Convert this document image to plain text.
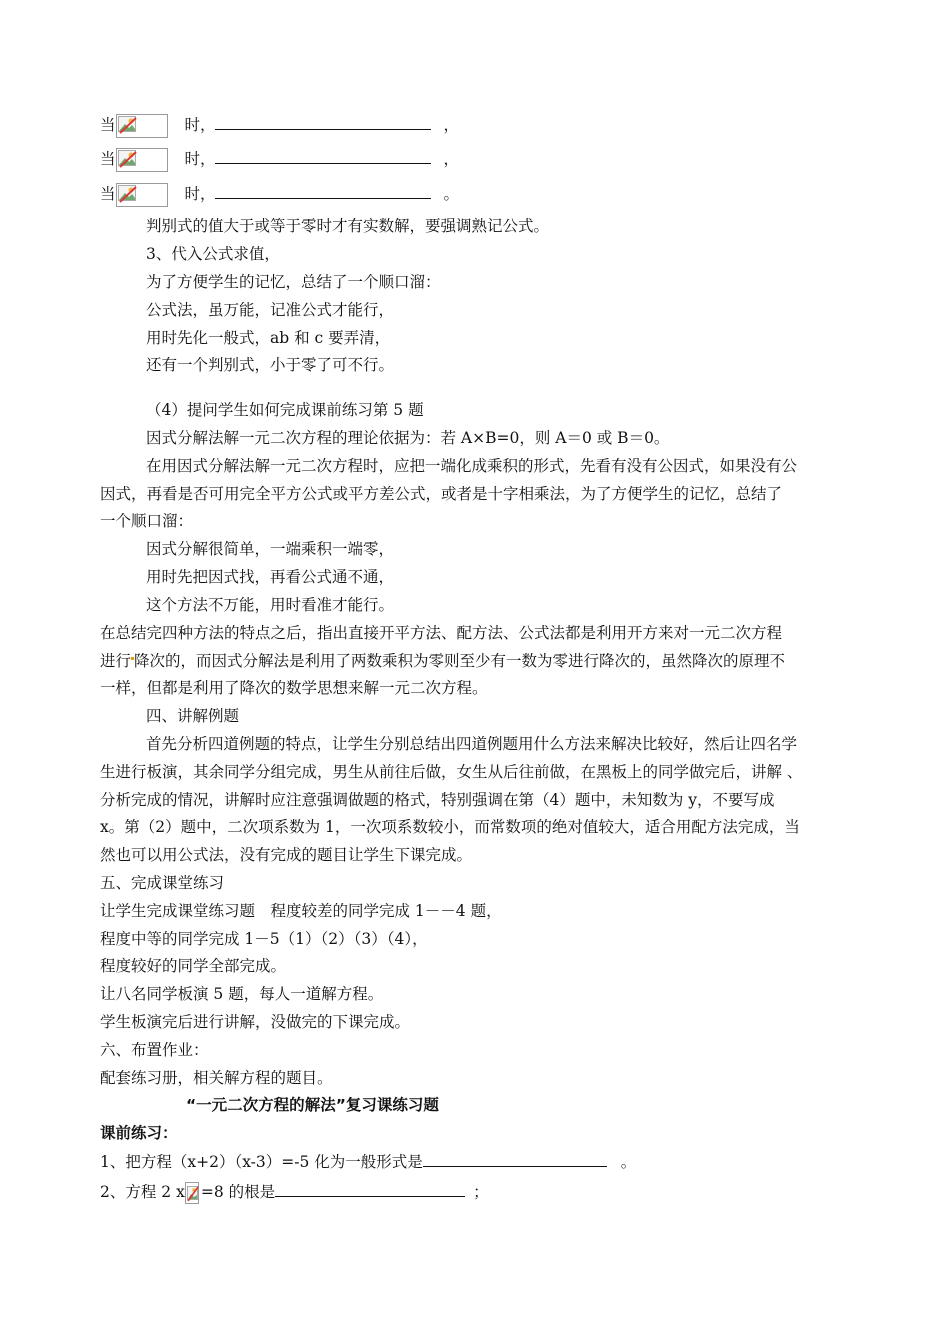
当	时，	，
当	时，	，
当	时，	。
判别式的值大于或等于零时才有实数解，要强调熟记公式。
3、代入公式求值，
为了方便学生的记忆，总结了一个顺口溜：
公式法，虽万能，记准公式才能行，
用时先化一般式，ab 和 c 要弄清，
还有一个判别式，小于零了可不行。
（4）提问学生如何完成课前练习第 5 题
因式分解法解一元二次方程的理论依据为：若 A×B=0，则 A＝0 或 B＝0。
在用因式分解法解一元二次方程时，应把一端化成乘积的形式，先看有没有公因式，如果没有公
因式，再看是否可用完全平方公式或平方差公式，或者是十字相乘法，为了方便学生的记忆，总结了
一个顺口溜：
因式分解很简单，一端乘积一端零，
用时先把因式找，再看公式通不通，
这个方法不万能，用时看准才能行。
在总结完四种方法的特点之后，指出直接开平方法、配方法、公式法都是利用开方来对一元二次方程
进行 降次的，而因式分解法是利用了两数乘积为零则至少有一数为零进行降次的，虽然降次的原理不
一样，但都是利用了降次的数学思想来解一元二次方程。
四、讲解例题
首先分析四道例题的特点，让学生分别总结出四道例题用什么方法来解决比较好，然后让四名学
生进行板演，其余同学分组完成，男生从前往后做，女生从后往前做，在黑板上的同学做完后，讲解 、
分析完成的情况，讲解时应注意强调做题的格式，特别强调在第（4）题中，未知数为 y，不要写成
x。第（2）题中，二次项系数为 1，一次项系数较小，而常数项的绝对值较大，适合用配方法完成，当
然也可以用公式法，没有完成的题目让学生下课完成。
五、完成课堂练习
让学生完成课堂练习题　程度较差的同学完成 1－－4 题，
程度中等的同学完成 1－5（1）（2）（3）（4），
程度较好的同学全部完成。
让八名同学板演 5 题，每人一道解方程。
学生板演完后进行讲解，没做完的下课完成。
六、布置作业：
配套练习册，相关解方程的题目。
“一元二次方程的解法”复习课练习题
课前练习：
1、把方程（x+2）（x-3）=-5 化为一般形式是	。
2、方程 2 x =8 的根是	；
